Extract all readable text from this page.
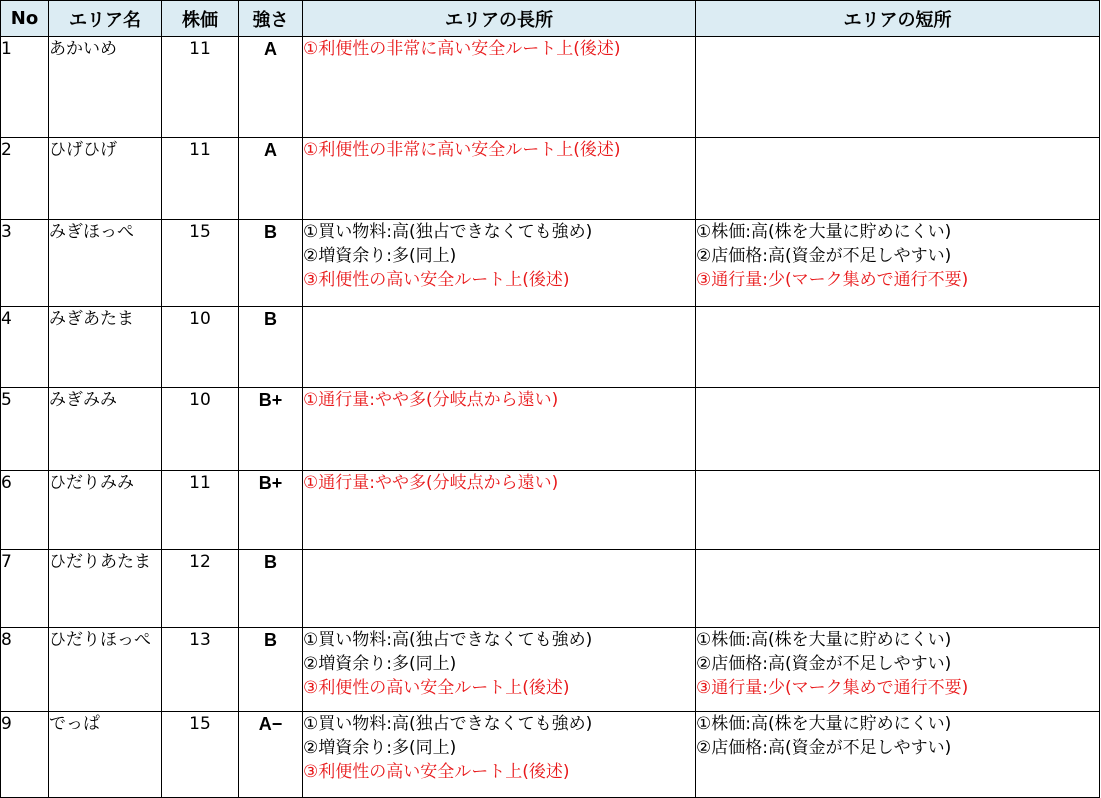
No	エリア名	株価	強さ	エリアの長所	エリアの短所
1	あかいめ	11	A	①利便性の非常に高い安全ルート上(後述)	

2	ひげひげ	11	A	①利便性の非常に高い安全ルート上(後述)	

3	みぎほっぺ	15	B	①買い物料:高(独占できなくても強め)
②増資余り:多(同上)
③利便性の高い安全ルート上(後述)	①株価:高(株を大量に貯めにくい)
②店価格:高(資金が不足しやすい)
③通行量:少(マーク集めで通行不要)

4	みぎあたま	10	B		
5	みぎみみ	10	B+	①通行量:やや多(分岐点から遠い)	

6	ひだりみみ	11	B+	①通行量:やや多(分岐点から遠い)	

7	ひだりあたま	12	B		
8	ひだりほっぺ	13	B	①買い物料:高(独占できなくても強め)
②増資余り:多(同上)
③利便性の高い安全ルート上(後述)	①株価:高(株を大量に貯めにくい)
②店価格:高(資金が不足しやすい)
③通行量:少(マーク集めで通行不要)

9	でっぱ	15	A−	①買い物料:高(独占できなくても強め)
②増資余り:多(同上)
③利便性の高い安全ルート上(後述)	①株価:高(株を大量に貯めにくい)
②店価格:高(資金が不足しやすい)
